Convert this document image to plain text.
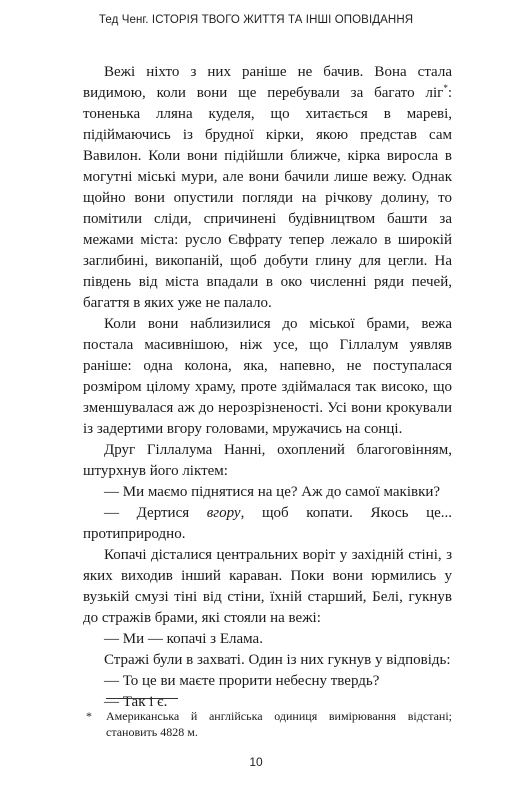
Тед Ченг. ІСТОРІЯ ТВОГО ЖИТТЯ ТА ІНШІ ОПОВІДАННЯ

Вежі ніхто з них раніше не бачив. Вона стала видимою, коли вони ще перебували за багато ліг*: тоненька лляна куделя, що хитається в мареві, підіймаючись із брудної кірки, якою представ сам Вавилон. Коли вони підійшли ближче, кірка виросла в могутні міські мури, але вони бачили лише вежу. Однак щойно вони опустили погляди на річкову долину, то помітили сліди, спричинені будівництвом башти за межами міста: русло Євфрату тепер лежало в широкій заглибині, викопаній, щоб добути глину для цегли. На південь від міста впадали в око численні ряди печей, багаття в яких уже не палало.

Коли вони наблизилися до міської брами, вежа постала масивнішою, ніж усе, що Гіллалум уявляв раніше: одна колона, яка, напевно, не поступалася розміром цілому храму, проте здіймалася так високо, що зменшувалася аж до нерозрізненості. Усі вони крокували із задертими вгору головами, мружачись на сонці.

Друг Гіллалума Нанні, охоплений благоговінням, штурхнув його ліктем:

— Ми маємо піднятися на це? Аж до самої маківки?

— Дертися вгору, щоб копати. Якось це... протиприродно.

Копачі дісталися центральних воріт у західній стіні, з яких виходив інший караван. Поки вони юрмились у вузькій смузі тіні від стіни, їхній старший, Белі, гукнув до стражів брами, які стояли на вежі:

— Ми — копачі з Елама.

Стражі були в захваті. Один із них гукнув у відповідь:

— То це ви маєте прорити небесну твердь?

— Так і є.

* Американська й англійська одиниця вимірювання відстані; становить 4828 м.
10
